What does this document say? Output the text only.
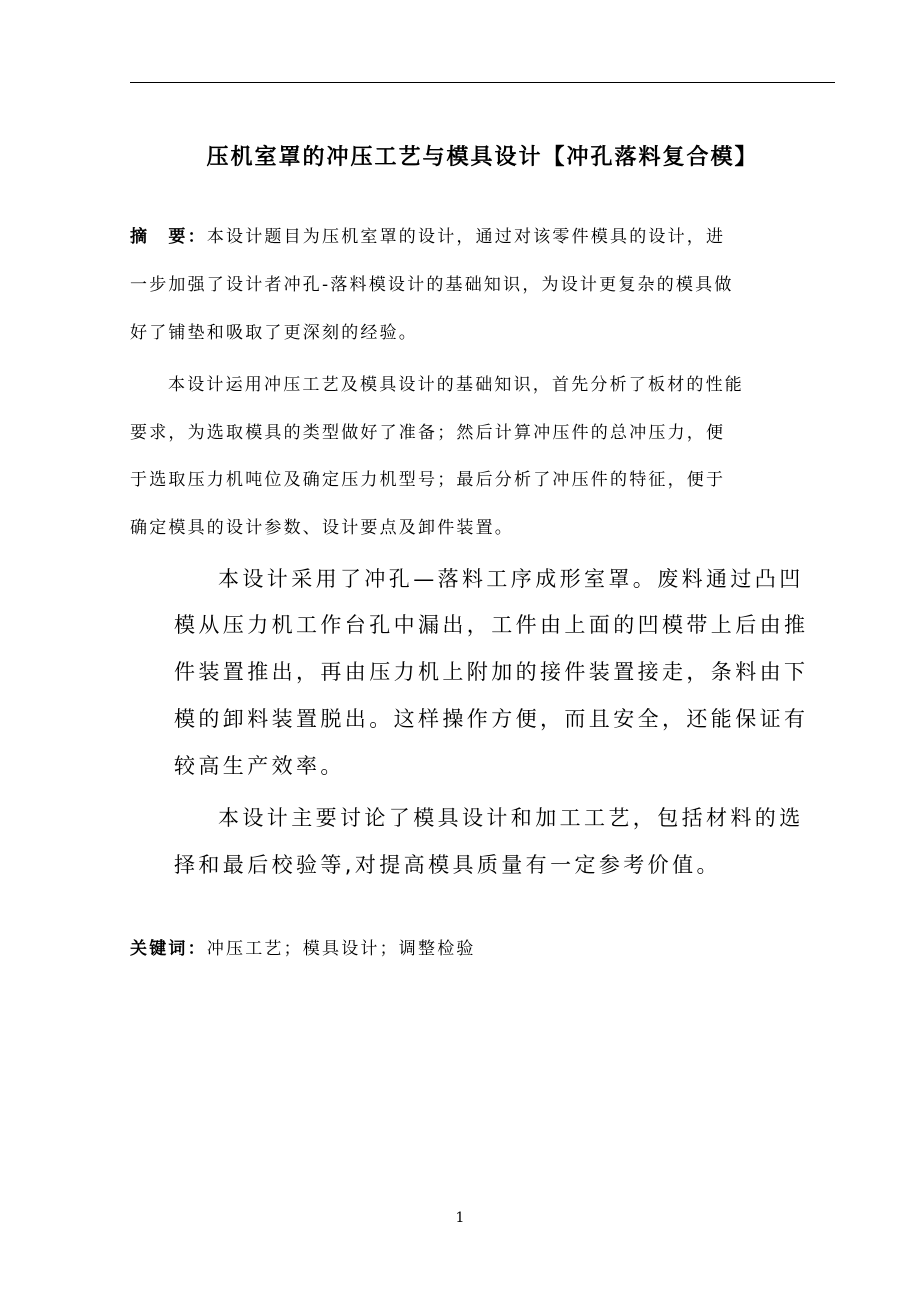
压机室罩的冲压工艺与模具设计【冲孔落料复合模】
摘　要：本设计题目为压机室罩的设计，通过对该零件模具的设计，进
一步加强了设计者冲孔-落料模设计的基础知识，为设计更复杂的模具做
好了铺垫和吸取了更深刻的经验。
本设计运用冲压工艺及模具设计的基础知识，首先分析了板材的性能
要求，为选取模具的类型做好了准备；然后计算冲压件的总冲压力，便
于选取压力机吨位及确定压力机型号；最后分析了冲压件的特征，便于
确定模具的设计参数、设计要点及卸件装置。
本设计采用了冲孔—落料工序成形室罩。废料通过凸凹
模从压力机工作台孔中漏出，工件由上面的凹模带上后由推
件装置推出，再由压力机上附加的接件装置接走，条料由下
模的卸料装置脱出。这样操作方便，而且安全，还能保证有
较高生产效率。
本设计主要讨论了模具设计和加工工艺，包括材料的选
择和最后校验等,对提高模具质量有一定参考价值。
关键词：冲压工艺；模具设计；调整检验
1
